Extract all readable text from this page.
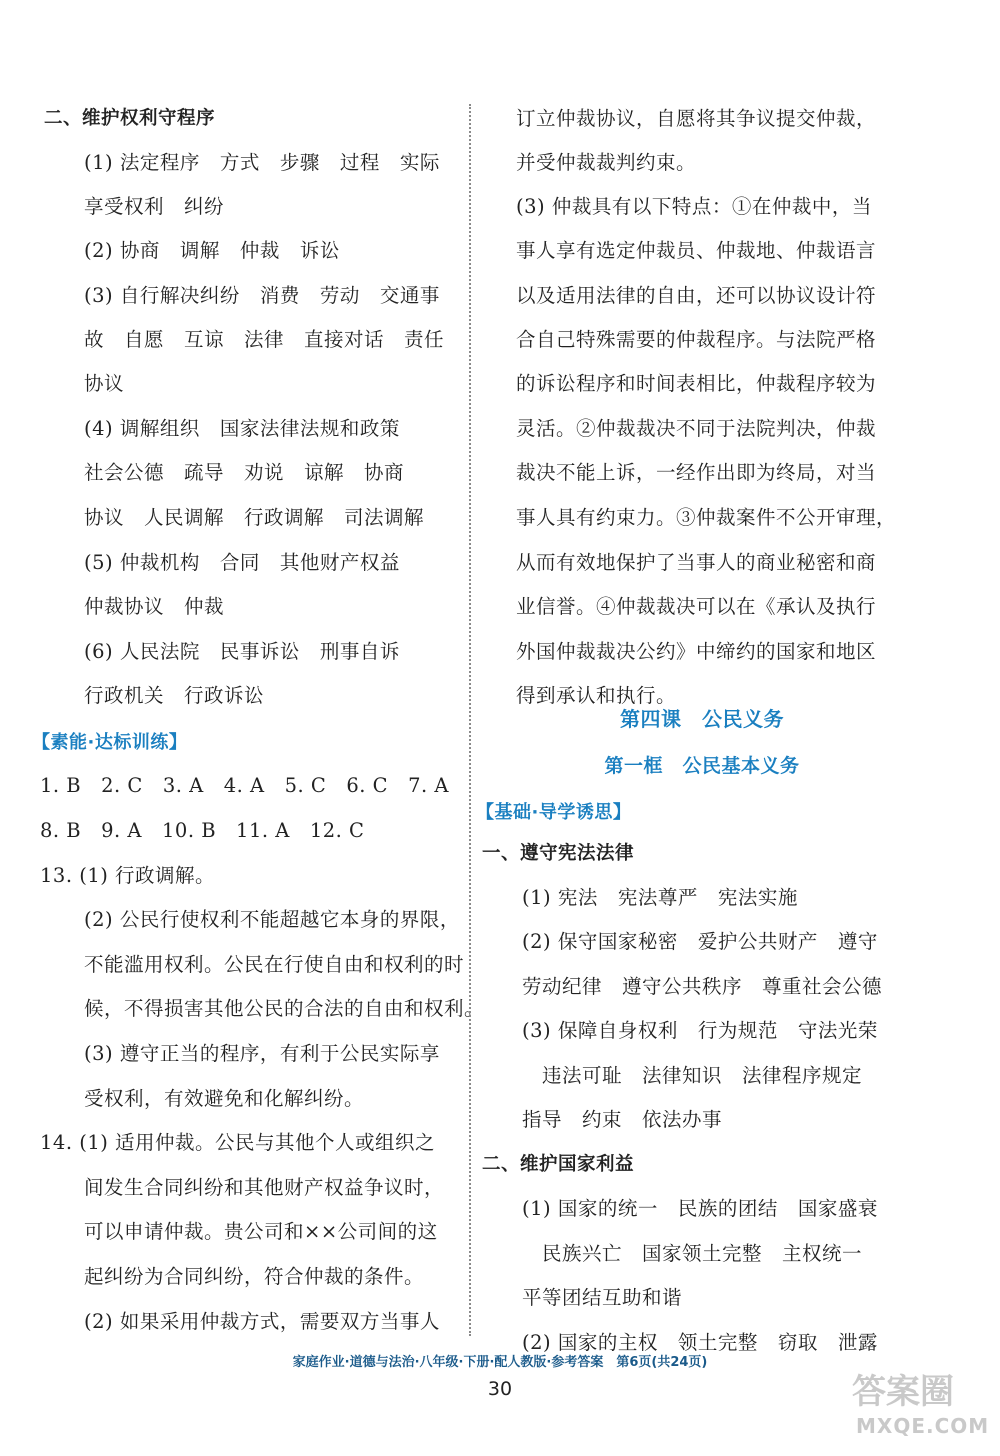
二、维护权利守程序
(1) 法定程序　方式　步骤　过程　实际
享受权利　纠纷
(2) 协商　调解　仲裁　诉讼
(3) 自行解决纠纷　消费　劳动　交通事
故　自愿　互谅　法律　直接对话　责任
协议
(4) 调解组织　国家法律法规和政策
社会公德　疏导　劝说　谅解　协商
协议　人民调解　行政调解　司法调解
(5) 仲裁机构　合同　其他财产权益
仲裁协议　仲裁
(6) 人民法院　民事诉讼　刑事自诉
行政机关　行政诉讼
【素能·达标训练】
1. B　2. C　3. A　4. A　5. C　6. C　7. A
8. B　9. A　10. B　11. A　12. C
13. (1) 行政调解。
(2) 公民行使权利不能超越它本身的界限，
不能滥用权利。公民在行使自由和权利的时
候，不得损害其他公民的合法的自由和权利。
(3) 遵守正当的程序，有利于公民实际享
受权利，有效避免和化解纠纷。
14. (1) 适用仲裁。公民与其他个人或组织之
间发生合同纠纷和其他财产权益争议时，
可以申请仲裁。贵公司和××公司间的这
起纠纷为合同纠纷，符合仲裁的条件。
(2) 如果采用仲裁方式，需要双方当事人
订立仲裁协议，自愿将其争议提交仲裁，
并受仲裁裁判约束。
(3) 仲裁具有以下特点：①在仲裁中，当
事人享有选定仲裁员、仲裁地、仲裁语言
以及适用法律的自由，还可以协议设计符
合自己特殊需要的仲裁程序。与法院严格
的诉讼程序和时间表相比，仲裁程序较为
灵活。②仲裁裁决不同于法院判决，仲裁
裁决不能上诉，一经作出即为终局，对当
事人具有约束力。③仲裁案件不公开审理，
从而有效地保护了当事人的商业秘密和商
业信誉。④仲裁裁决可以在《承认及执行
外国仲裁裁决公约》中缔约的国家和地区
得到承认和执行。
第四课　公民义务
第一框　公民基本义务
【基础·导学诱思】
一、遵守宪法法律
(1) 宪法　宪法尊严　宪法实施
(2) 保守国家秘密　爱护公共财产　遵守
劳动纪律　遵守公共秩序　尊重社会公德
(3) 保障自身权利　行为规范　守法光荣
违法可耻　法律知识　法律程序规定
指导　约束　依法办事
二、维护国家利益
(1) 国家的统一　民族的团结　国家盛衰
民族兴亡　国家领土完整　主权统一
平等团结互助和谐
(2) 国家的主权　领土完整　窃取　泄露
家庭作业·道德与法治·八年级·下册·配人教版·参考答案　第6页(共24页)
30	答案圈
MXQE.COM
